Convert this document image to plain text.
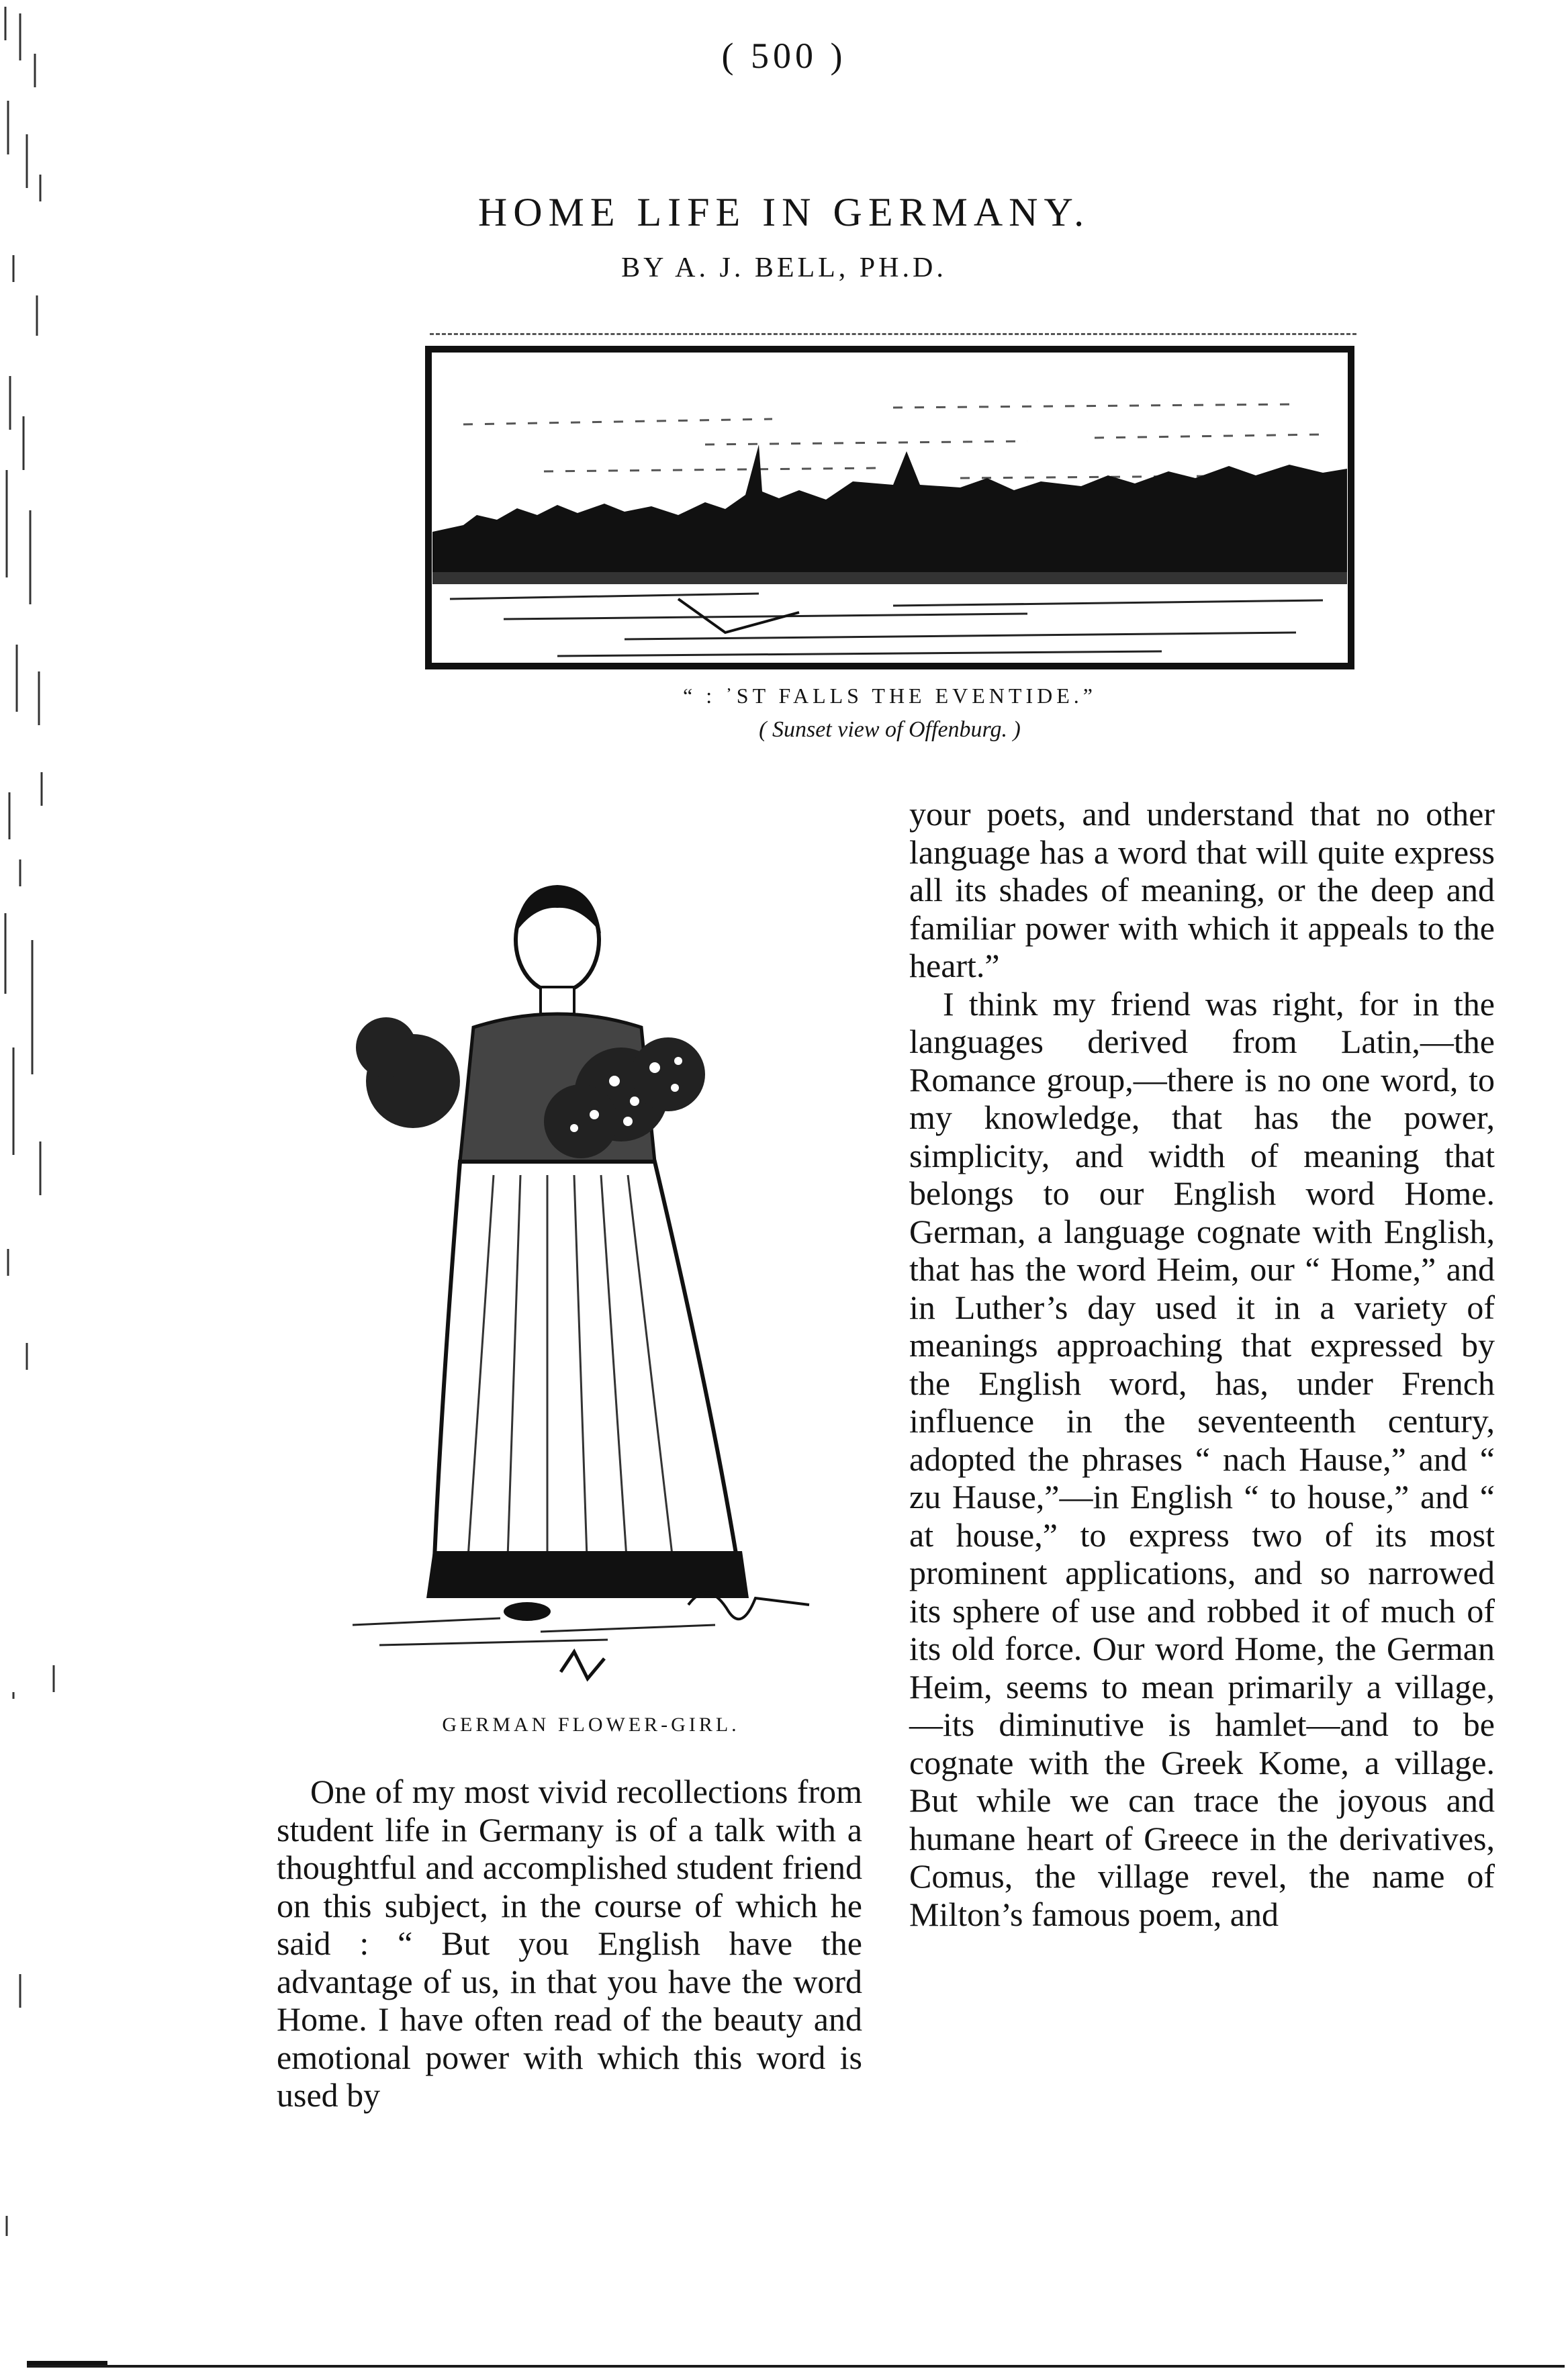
( 500 )
HOME LIFE IN GERMANY.
BY A. J. BELL, PH.D.
“ : ᾽ST FALLS THE EVENTIDE.”
( Sunset view of Offenburg. )
GERMAN FLOWER-GIRL.

One of my most vivid recollections from student life in Germany is of a talk with a thoughtful and accomplished student friend on this subject, in the course of which he said : “ But you English have the advantage of us, in that you have the word Home. I have often read of the beauty and emotional power with which this word is used by

your poets, and understand that no other language has a word that will quite express all its shades of meaning, or the deep and familiar power with which it appeals to the heart.”

I think my friend was right, for in the languages derived from Latin,—the Romance group,—there is no one word, to my knowledge, that has the power, simplicity, and width of meaning that belongs to our English word Home. German, a language cognate with English, that has the word Heim, our “ Home,” and in Luther’s day used it in a variety of meanings approaching that expressed by the English word, has, under French influence in the seventeenth century, adopted the phrases “ nach Hause,” and “ zu Hause,”—in English “ to house,” and “ at house,” to express two of its most prominent applications, and so narrowed its sphere of use and robbed it of much of its old force. Our word Home, the German Heim, seems to mean primarily a village,—its diminutive is hamlet—and to be cognate with the Greek Kome, a village. But while we can trace the joyous and humane heart of Greece in the derivatives, Comus, the village revel, the name of Milton’s famous poem, and
